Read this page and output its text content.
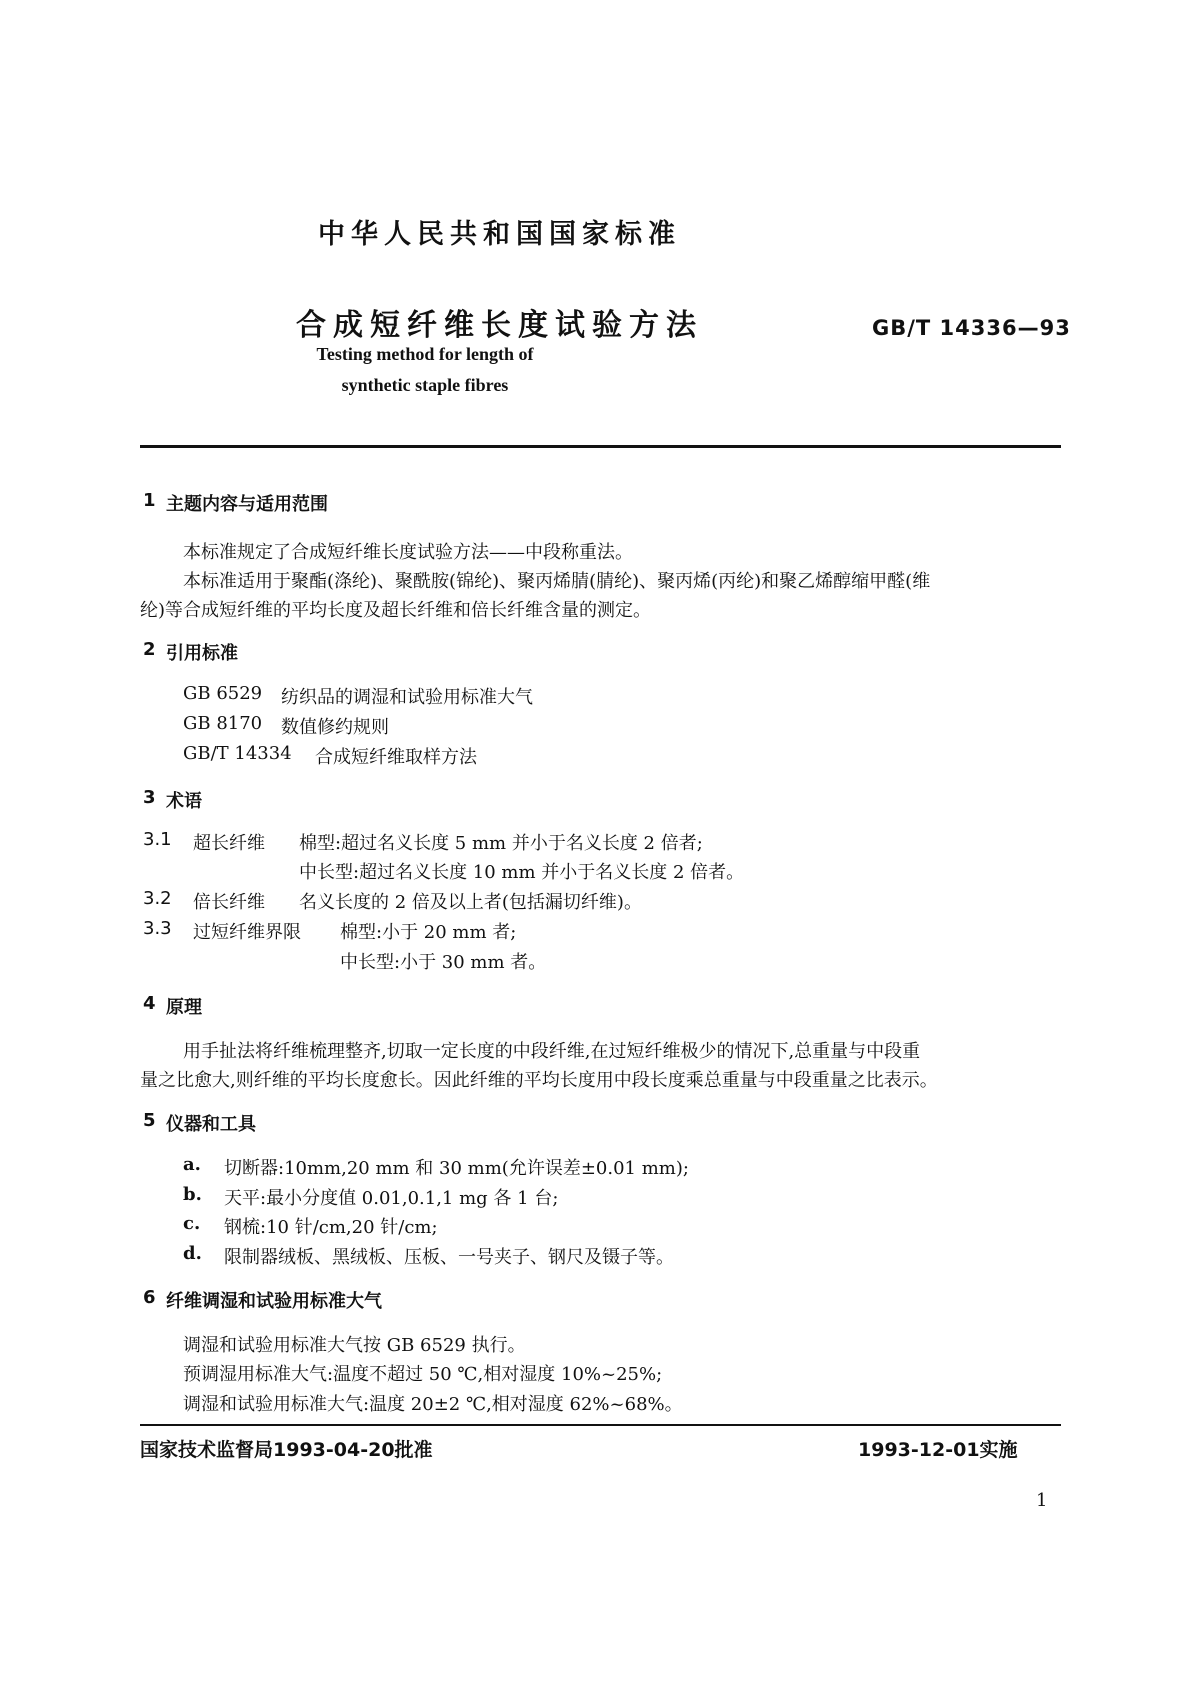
中华人民共和国国家标准
合成短纤维长度试验方法	GB/T 14336—93
Testing method for length of
synthetic staple fibres
1 主题内容与适用范围
本标准规定了合成短纤维长度试验方法——中段称重法。
本标准适用于聚酯(涤纶)、聚酰胺(锦纶)、聚丙烯腈(腈纶)、聚丙烯(丙纶)和聚乙烯醇缩甲醛(维
纶)等合成短纤维的平均长度及超长纤维和倍长纤维含量的测定。
2 引用标准
GB 6529 纺织品的调湿和试验用标准大气
GB 8170 数值修约规则
GB/T 14334 合成短纤维取样方法
3 术语
3.1 超长纤维 棉型:超过名义长度 5 mm 并小于名义长度 2 倍者;
中长型:超过名义长度 10 mm 并小于名义长度 2 倍者。
3.2 倍长纤维 名义长度的 2 倍及以上者(包括漏切纤维)。
3.3 过短纤维界限 棉型:小于 20 mm 者;
中长型:小于 30 mm 者。
4 原理
用手扯法将纤维梳理整齐,切取一定长度的中段纤维,在过短纤维极少的情况下,总重量与中段重
量之比愈大,则纤维的平均长度愈长。因此纤维的平均长度用中段长度乘总重量与中段重量之比表示。
5 仪器和工具
a. 切断器:10mm,20 mm 和 30 mm(允许误差±0.01 mm);
b. 天平:最小分度值 0.01,0.1,1 mg 各 1 台;
c. 钢梳:10 针/cm,20 针/cm;
d. 限制器绒板、黑绒板、压板、一号夹子、钢尺及镊子等。
6 纤维调湿和试验用标准大气
调湿和试验用标准大气按 GB 6529 执行。
预调湿用标准大气:温度不超过 50 ℃,相对湿度 10%~25%;
调湿和试验用标准大气:温度 20±2 ℃,相对湿度 62%~68%。
国家技术监督局1993-04-20批准	1993-12-01实施
1
